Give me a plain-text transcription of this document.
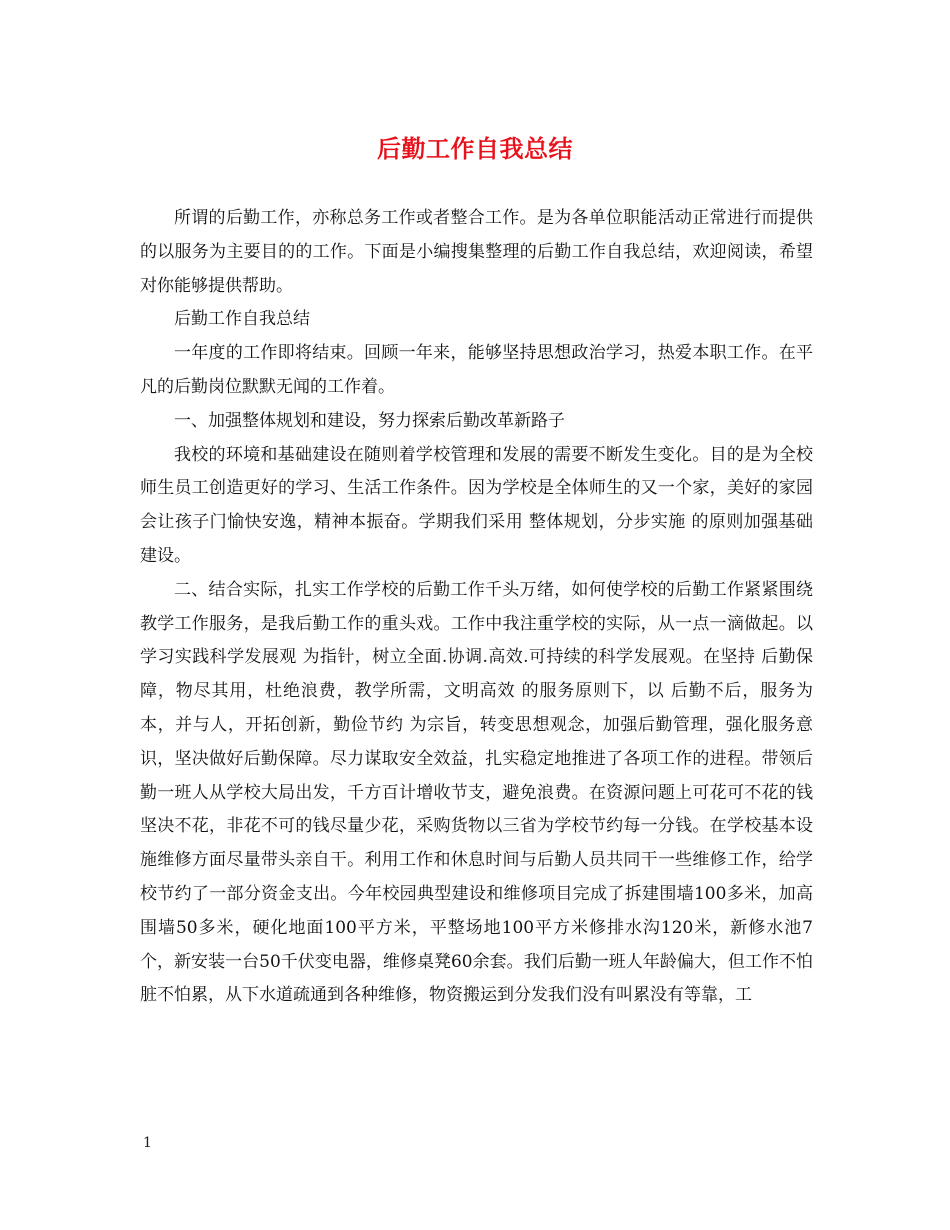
后勤工作自我总结

所谓的后勤工作，亦称总务工作或者整合工作。是为各单位职能活动正常进行而提供的以服务为主要目的的工作。下面是小编搜集整理的后勤工作自我总结，欢迎阅读，希望对你能够提供帮助。

后勤工作自我总结

一年度的工作即将结束。回顾一年来，能够坚持思想政治学习，热爱本职工作。在平凡的后勤岗位默默无闻的工作着。

一、加强整体规划和建设，努力探索后勤改革新路子

我校的环境和基础建设在随则着学校管理和发展的需要不断发生变化。目的是为全校师生员工创造更好的学习、生活工作条件。因为学校是全体师生的又一个家，美好的家园会让孩子门愉快安逸，精神本振奋。学期我们采用 整体规划，分步实施 的原则加强基础建设。

二、结合实际，扎实工作学校的后勤工作千头万绪，如何使学校的后勤工作紧紧围绕教学工作服务，是我后勤工作的重头戏。工作中我注重学校的实际，从一点一滴做起。以 学习实践科学发展观 为指针，树立全面.协调.高效.可持续的科学发展观。在坚持 后勤保障，物尽其用，杜绝浪费，教学所需，文明高效 的服务原则下，以 后勤不后，服务为本，并与人，开拓创新，勤俭节约 为宗旨，转变思想观念，加强后勤管理，强化服务意识，坚决做好后勤保障。尽力谋取安全效益，扎实稳定地推进了各项工作的进程。带领后勤一班人从学校大局出发，千方百计增收节支，避免浪费。在资源问题上可花可不花的钱坚决不花，非花不可的钱尽量少花，采购货物以三省为学校节约每一分钱。在学校基本设施维修方面尽量带头亲自干。利用工作和休息时间与后勤人员共同干一些维修工作，给学校节约了一部分资金支出。今年校园典型建设和维修项目完成了拆建围墙100多米，加高围墙50多米，硬化地面100平方米，平整场地100平方米修排水沟120米，新修水池7个，新安装一台50千伏变电器，维修桌凳60余套。我们后勤一班人年龄偏大，但工作不怕脏不怕累，从下水道疏通到各种维修，物资搬运到分发我们没有叫累没有等靠，工

1
